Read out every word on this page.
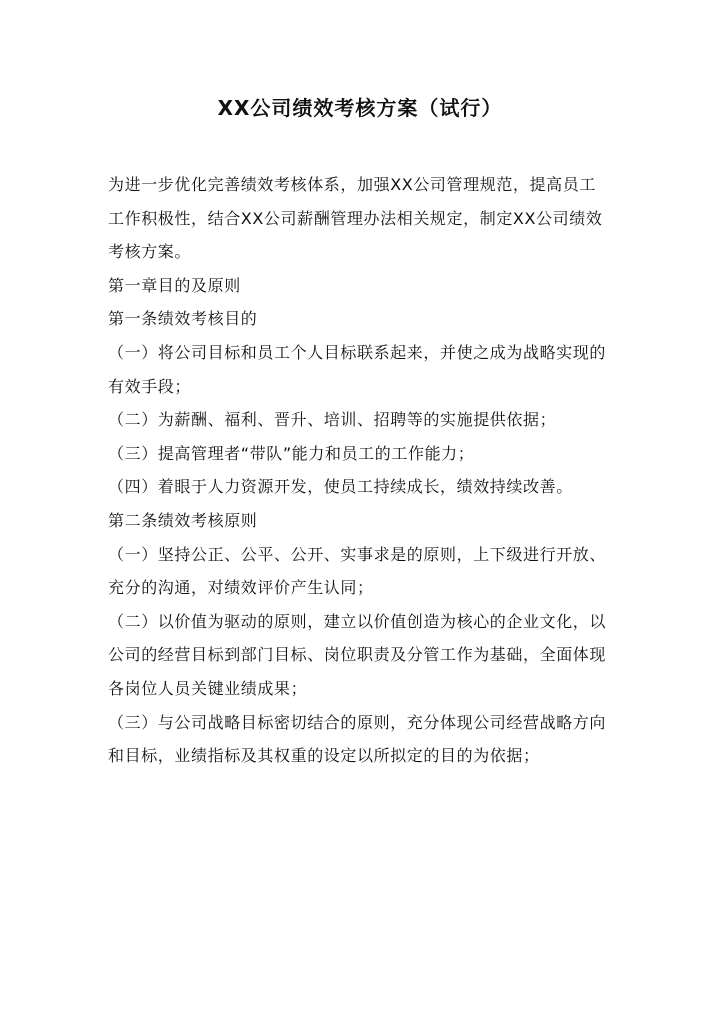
XX公司绩效考核方案（试行）

为进一步优化完善绩效考核体系，加强XX公司管理规范，提高员工工作积极性，结合XX公司薪酬管理办法相关规定，制定XX公司绩效考核方案。

第一章目的及原则

第一条绩效考核目的

（一）将公司目标和员工个人目标联系起来，并使之成为战略实现的有效手段；

（二）为薪酬、福利、晋升、培训、招聘等的实施提供依据；

（三）提高管理者“带队”能力和员工的工作能力；

（四）着眼于人力资源开发，使员工持续成长，绩效持续改善。

第二条绩效考核原则

（一）坚持公正、公平、公开、实事求是的原则，上下级进行开放、充分的沟通，对绩效评价产生认同；

（二）以价值为驱动的原则，建立以价值创造为核心的企业文化，以公司的经营目标到部门目标、岗位职责及分管工作为基础，全面体现各岗位人员关键业绩成果；

（三）与公司战略目标密切结合的原则，充分体现公司经营战略方向和目标，业绩指标及其权重的设定以所拟定的目的为依据；
